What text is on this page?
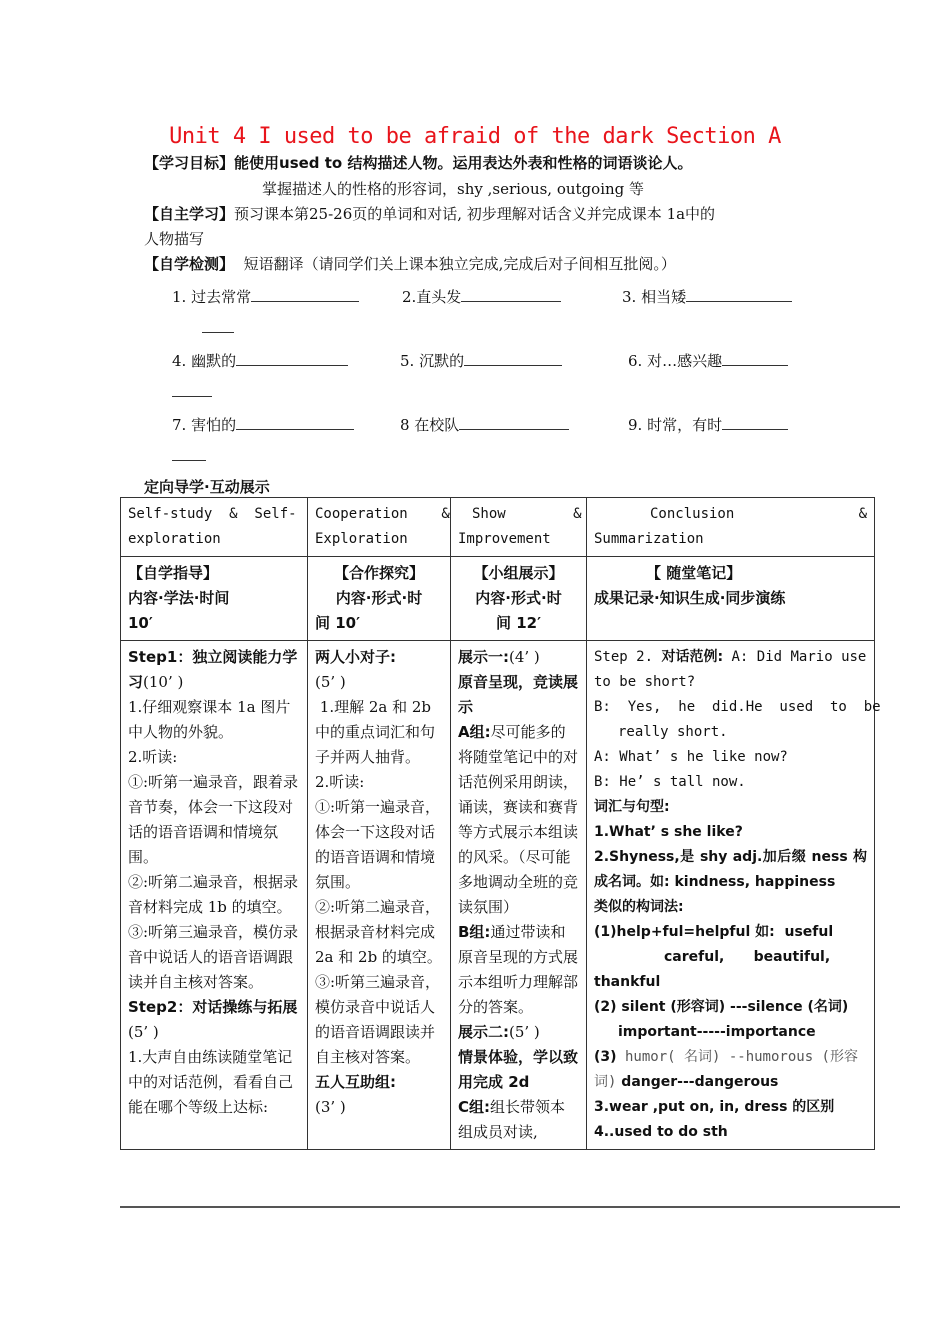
Unit 4 I used to be afraid of the dark Section A
【学习目标】能使用used to 结构描述人物。运用表达外表和性格的词语谈论人。
掌握描述人的性格的形容词，shy ,serious, outgoing 等
【自主学习】预习课本第25-26页的单词和对话, 初步理解对话含义并完成课本 1a中的
人物描写
【自学检测】 短语翻译（请同学们关上课本独立完成,完成后对子间相互批阅。）
1. 过去常常	2.直头发	3. 相当矮
4. 幽默的	5. 沉默的	6. 对…感兴趣
7. 害怕的	8 在校队	9. 时常，有时
定向导学·互动展示
Self-study  &  Self-
exploration

Cooperation    &
Exploration

Show        &
Improvement

Conclusion	&
Summarization

【自学指导】
内容·学法·时间
10′

【合作探究】
内容·形式·时
间 10′

【小组展示】
内容·形式·时
间 12′

【 随堂笔记】
成果记录·知识生成·同步演练

Step1：独立阅读能力学习(10’ )
1.仔细观察课本 1a 图片中人物的外貌。
2.听读:
①:听第一遍录音，跟着录音节奏，体会一下这段对话的语音语调和情境氛围。
②:听第二遍录音，根据录音材料完成 1b 的填空。
③:听第三遍录音，模仿录音中说话人的语音语调跟读并自主核对答案。
Step2：对话操练与拓展(5’ )
1.大声自由练读随堂笔记中的对话范例，看看自己能在哪个等级上达标:

两人小对子:
(5’ )
1.理解 2a 和 2b 中的重点词汇和句子并两人抽背。
2.听读:
①:听第一遍录音，体会一下这段对话的语音语调和情境氛围。
②:听第二遍录音，根据录音材料完成 2a 和 2b 的填空。
③:听第三遍录音，模仿录音中说话人的语音语调跟读并自主核对答案。
五人互助组:
(3’ )

展示一:(4’ )
原音呈现，竞读展示
A组:尽可能多的将随堂笔记中的对话范例采用朗读，诵读，赛读和赛背等方式展示本组读的风采。（尽可能多地调动全班的竞读氛围）
B组:通过带读和原音呈现的方式展示本组听力理解部分的答案。
展示二:(5’ )
情景体验，学以致用完成 2d
C组:组长带领本组成员对读,

Step 2. 对话范例: A: Did Mario use to be short?
B:  Yes,  he  did.He  used  to  be
really short.
A: What’ s he like now?
B: He’ s tall now.
词汇与句型:
1.What’ s she like?
2.Shyness,是 shy adj.加后缀 ness 构成名词。如: kindness, happiness
类似的构词法:
(1)help+ful=helpful 如:  useful
careful,      beautiful,
thankful
(2) silent (形容词) ---silence (名词)
important-----importance
(3) humor( 名词) --humorous (形容词) danger---dangerous
3.wear ,put on, in, dress 的区别
4..used to do sth
